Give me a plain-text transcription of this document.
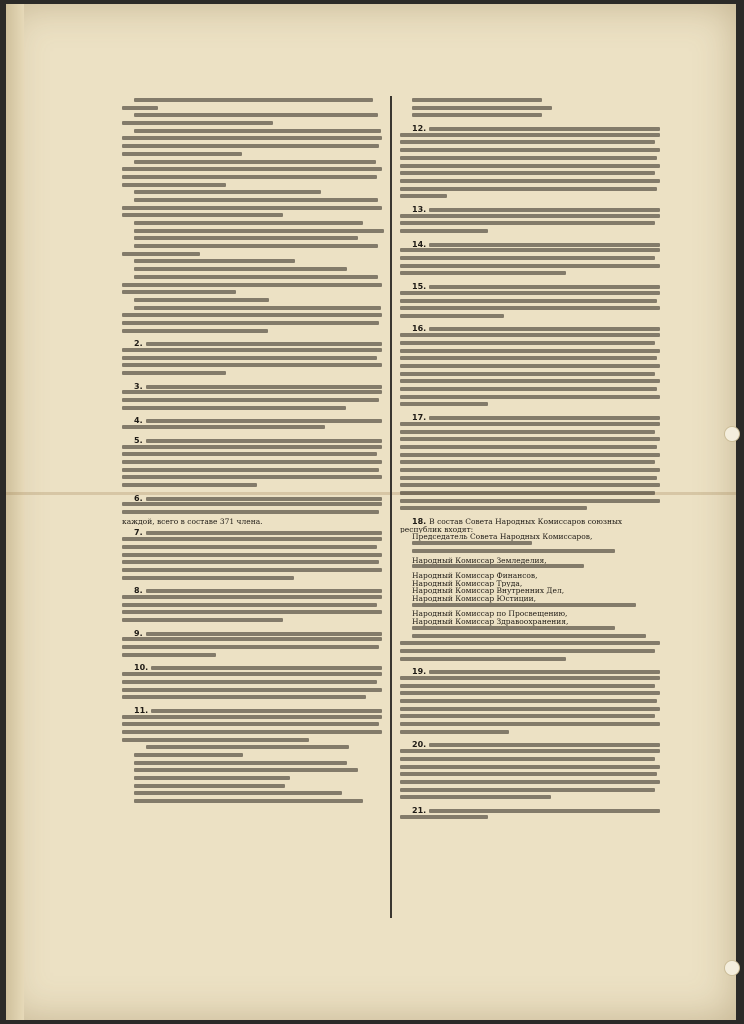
2.
3.
4.
5.
6.
каждой, всего в составе 371 члена.
7.
8.
9.
10.
11.
12.
13.
14.
15.
16.
17.
18. В состав Совета Народных Комиссаров союзных
республик входят:
Председатель Совета Народных Комиссаров,
Народный Комиссар Земледелия,
Народный Комиссар Финансов,
Народный Комиссар Труда,
Народный Комиссар Внутренних Дел,
Народный Комиссар Юстиции,
Народный Комиссар по Просвещению,
Народный Комиссар Здравоохранения,
19.
20.
21.
